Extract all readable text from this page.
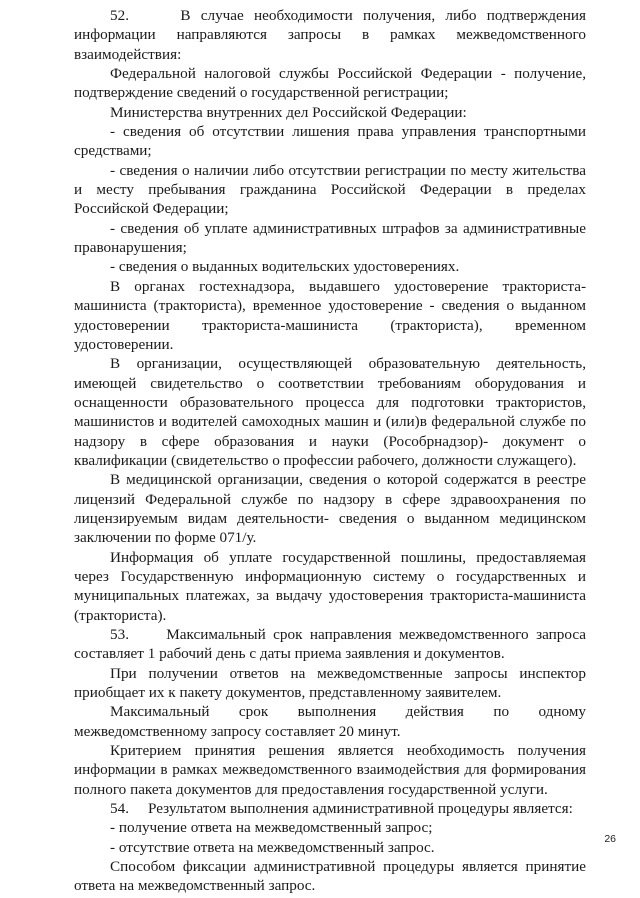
52.     В случае необходимости получения, либо подтверждения информации направляются запросы в рамках межведомственного взаимодействия:

Федеральной налоговой службы Российской Федерации - получение, подтверждение сведений о государственной регистрации;

Министерства внутренних дел Российской Федерации:

- сведения об отсутствии лишения права управления транспортными средствами;

- сведения о наличии либо отсутствии регистрации по месту жительства и месту пребывания гражданина Российской Федерации в пределах Российской Федерации;

- сведения об уплате административных штрафов за административные правонарушения;

- сведения о выданных водительских удостоверениях.

В органах гостехнадзора, выдавшего удостоверение тракториста-машиниста (тракториста), временное удостоверение - сведения о выданном удостоверении тракториста-машиниста (тракториста), временном удостоверении.

В организации, осуществляющей образовательную деятельность, имеющей свидетельство о соответствии требованиям оборудования и оснащенности образовательного процесса для подготовки трактористов, машинистов и водителей самоходных машин и (или)в федеральной службе по надзору в сфере образования и науки (Рособрнадзор)- документ о квалификации (свидетельство о профессии рабочего, должности служащего).

В медицинской организации, сведения о которой содержатся в реестре лицензий Федеральной службе по надзору в сфере здравоохранения по лицензируемым видам деятельности- сведения о выданном медицинском заключении по форме 071/у.

Информация об уплате государственной пошлины, предоставляемая через Государственную информационную систему о государственных и муниципальных платежах, за выдачу удостоверения тракториста-машиниста (тракториста).

53.     Максимальный срок направления межведомственного запроса составляет 1 рабочий день с даты приема заявления и документов.

При получении ответов на межведомственные запросы инспектор приобщает их к пакету документов, представленному заявителем.

Максимальный срок выполнения действия по одному межведомственному запросу составляет 20 минут.

Критерием принятия решения является необходимость получения информации в рамках межведомственного взаимодействия для формирования полного пакета документов для предоставления государственной услуги.

54.     Результатом выполнения административной процедуры является:

- получение ответа на межведомственный запрос;

- отсутствие ответа на межведомственный запрос.

Способом фиксации административной процедуры является принятие ответа на межведомственный запрос.

26
